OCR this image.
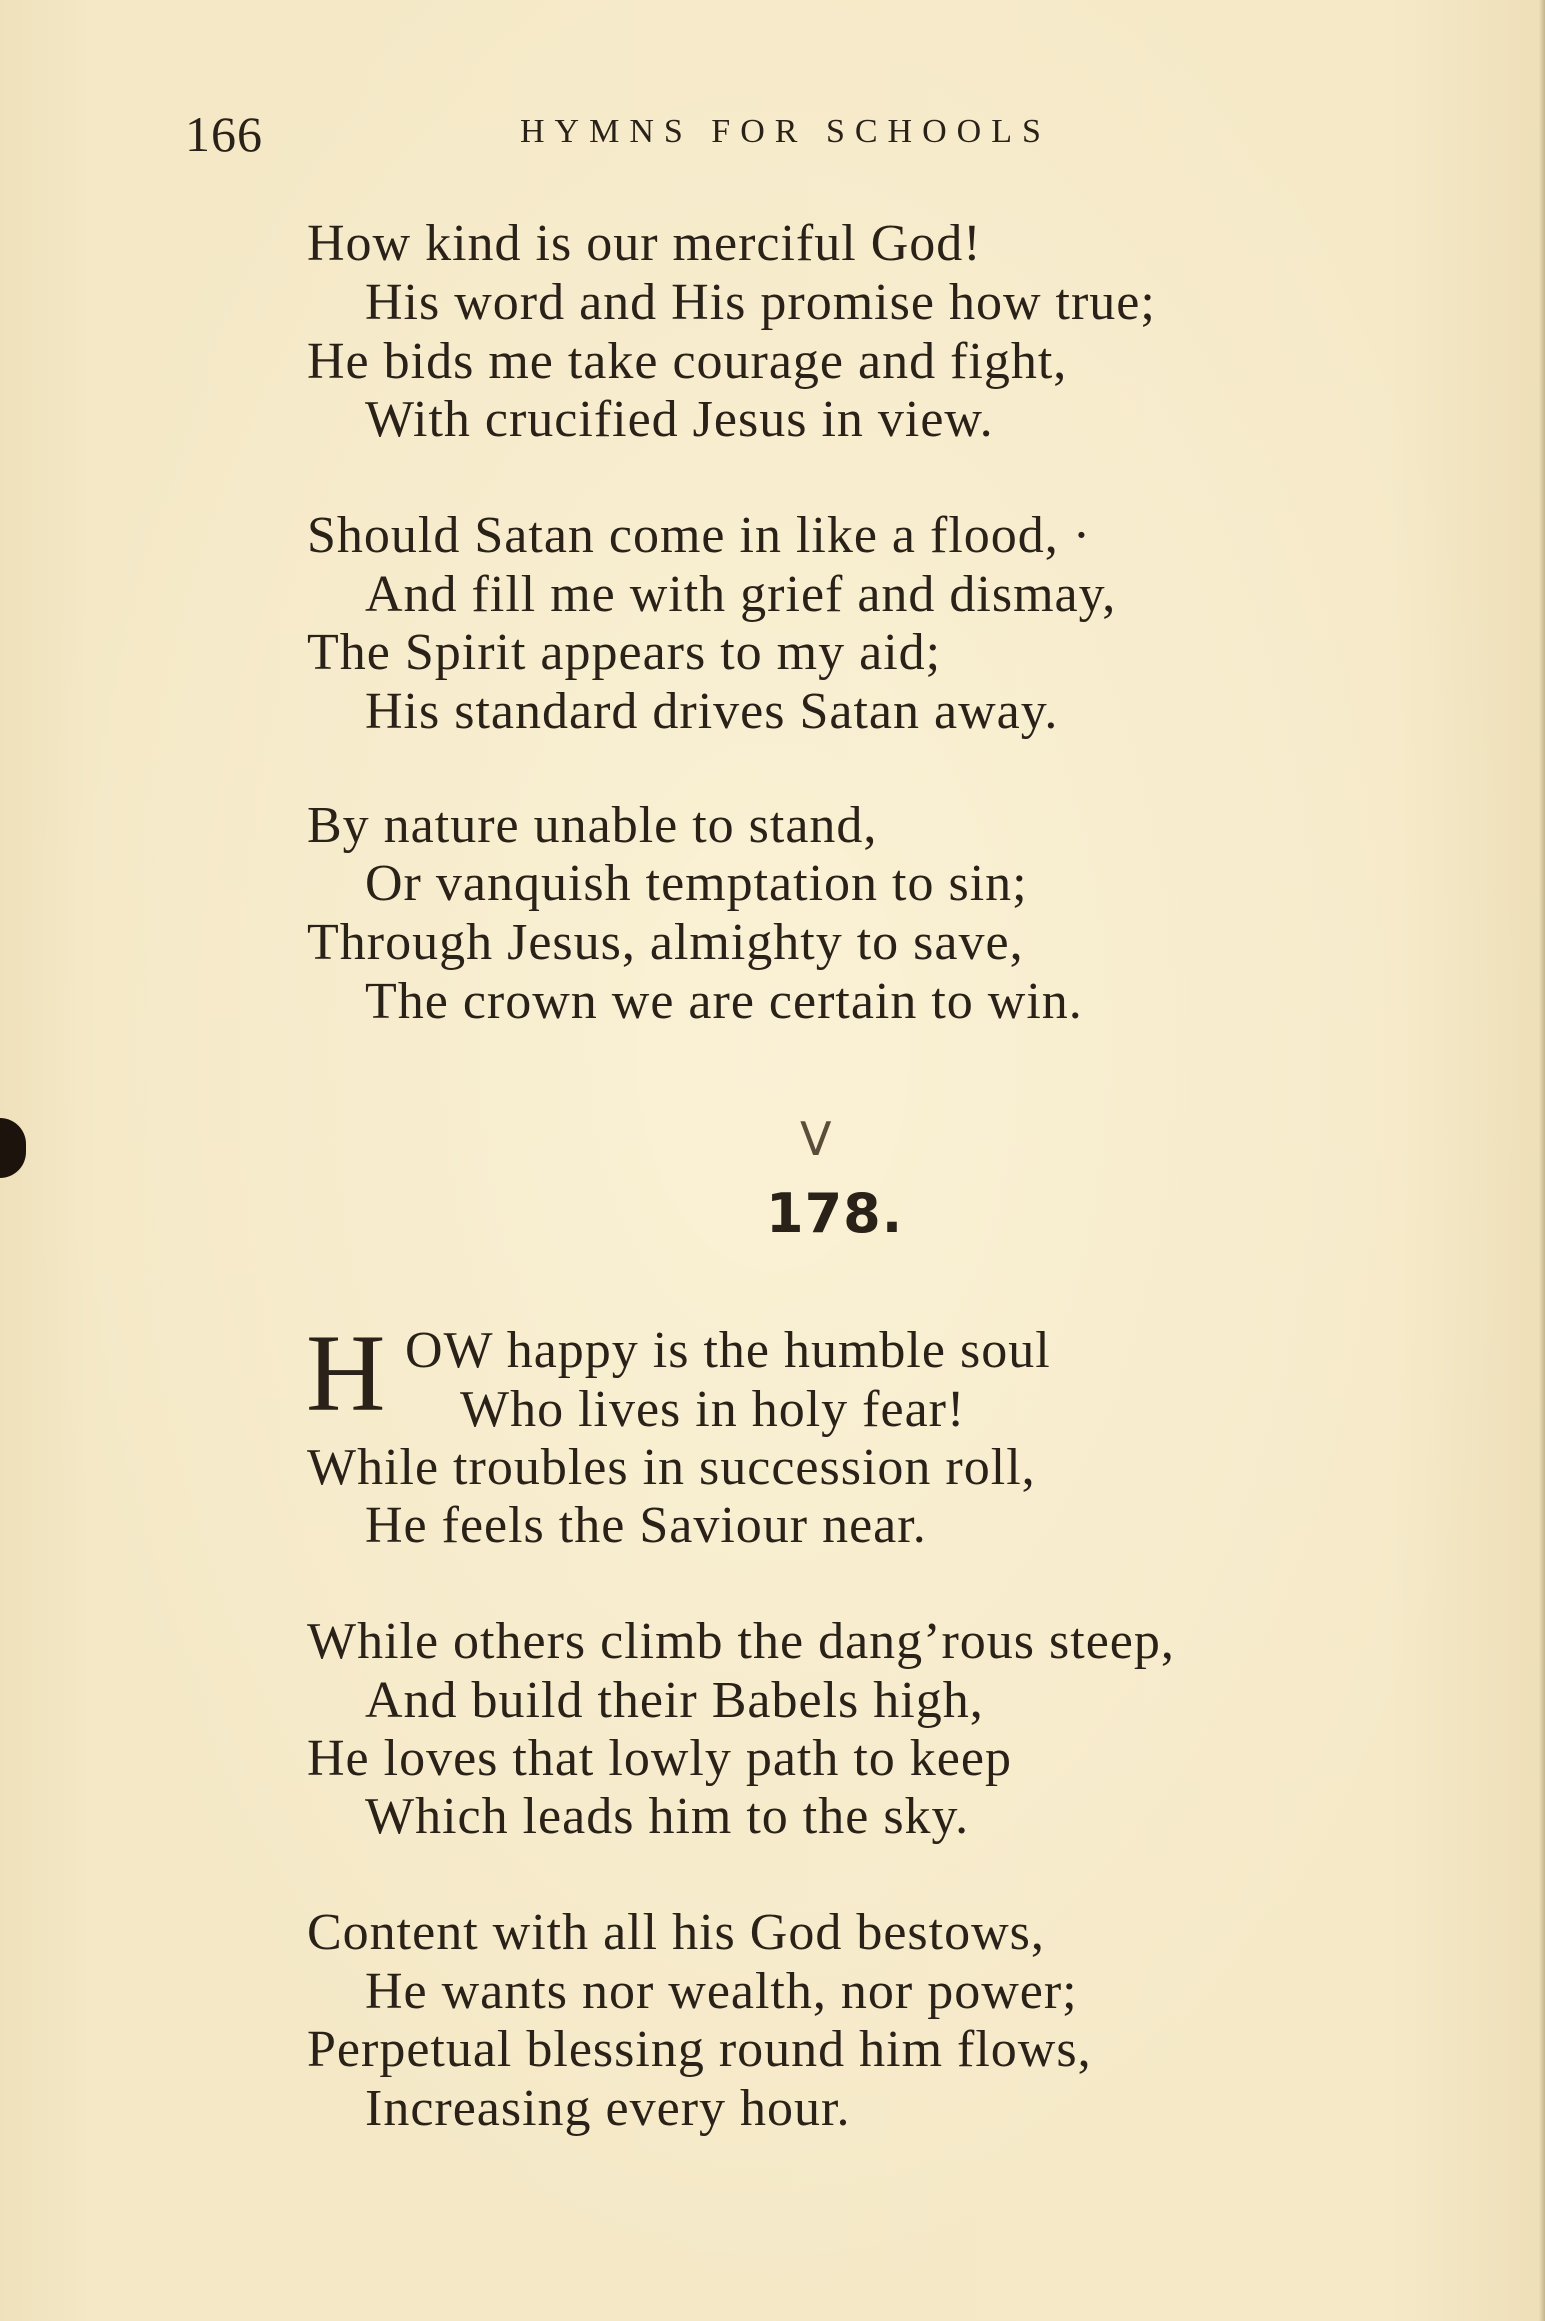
166	HYMNS FOR SCHOOLS
How kind is our merciful God!
His word and His promise how true;
He bids me take courage and fight,
With crucified Jesus in view.
Should Satan come in like a flood, ·
And fill me with grief and dismay,
The Spirit appears to my aid;
His standard drives Satan away.
By nature unable to stand,
Or vanquish temptation to sin;
Through Jesus, almighty to save,
The crown we are certain to win.
V
178.
H OW happy is the humble soul
Who lives in holy fear!
While troubles in succession roll,
He feels the Saviour near.
While others climb the dang’rous steep,
And build their Babels high,
He loves that lowly path to keep
Which leads him to the sky.
Content with all his God bestows,
He wants nor wealth, nor power;
Perpetual blessing round him flows,
Increasing every hour.
